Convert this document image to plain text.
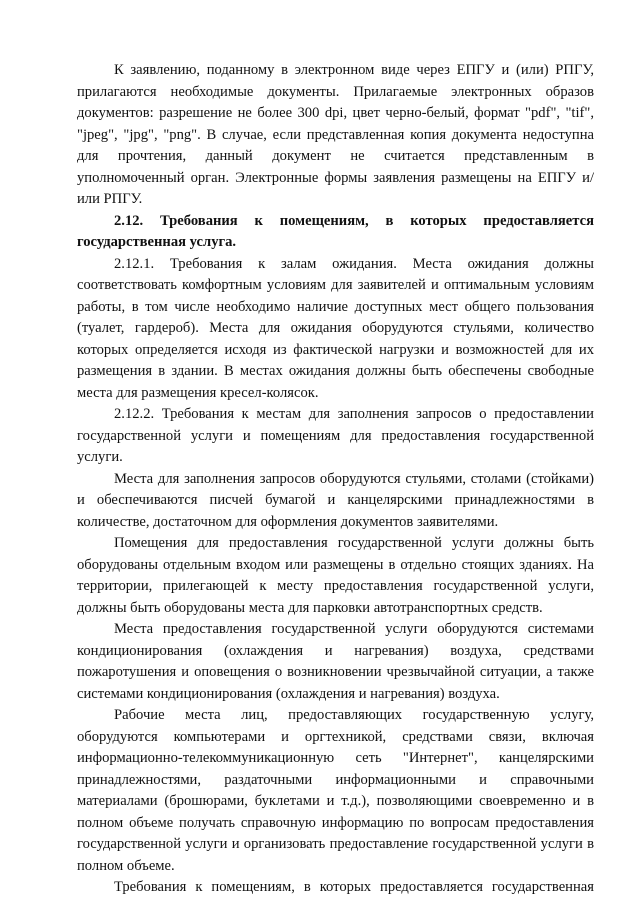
К заявлению, поданному в электронном виде через ЕПГУ и (или) РПГУ, прилагаются необходимые документы. Прилагаемые электронных образов документов: разрешение не более 300 dpi, цвет черно-белый, формат "pdf", "tif", "jpeg", "jpg", "png". В случае, если представленная копия документа недоступна для прочтения, данный документ не считается представленным в уполномоченный орган. Электронные формы заявления размещены на ЕПГУ и/или РПГУ.

2.12. Требования к помещениям, в которых предоставляется государственная услуга.

2.12.1. Требования к залам ожидания. Места ожидания должны соответствовать комфортным условиям для заявителей и оптимальным условиям работы, в том числе необходимо наличие доступных мест общего пользования (туалет, гардероб). Места для ожидания оборудуются стульями, количество которых определяется исходя из фактической нагрузки и возможностей для их размещения в здании. В местах ожидания должны быть обеспечены свободные места для размещения кресел-колясок.

2.12.2. Требования к местам для заполнения запросов о предоставлении государственной услуги и помещениям для предоставления государственной услуги.

Места для заполнения запросов оборудуются стульями, столами (стойками) и обеспечиваются писчей бумагой и канцелярскими принадлежностями в количестве, достаточном для оформления документов заявителями.

Помещения для предоставления государственной услуги должны быть оборудованы отдельным входом или размещены в отдельно стоящих зданиях. На территории, прилегающей к месту предоставления государственной услуги, должны быть оборудованы места для парковки автотранспортных средств.

Места предоставления государственной услуги оборудуются системами кондиционирования (охлаждения и нагревания) воздуха, средствами пожаротушения и оповещения о возникновении чрезвычайной ситуации, а также системами кондиционирования (охлаждения и нагревания) воздуха.

Рабочие места лиц, предоставляющих государственную услугу, оборудуются компьютерами и оргтехникой, средствами связи, включая информационно-телекоммуникационную сеть "Интернет", канцелярскими принадлежностями, раздаточными информационными и справочными материалами (брошюрами, буклетами и т.д.), позволяющими своевременно и в полном объеме получать справочную информацию по вопросам предоставления государственной услуги и организовать предоставление государственной услуги в полном объеме.

Требования к помещениям, в которых предоставляется государственная
